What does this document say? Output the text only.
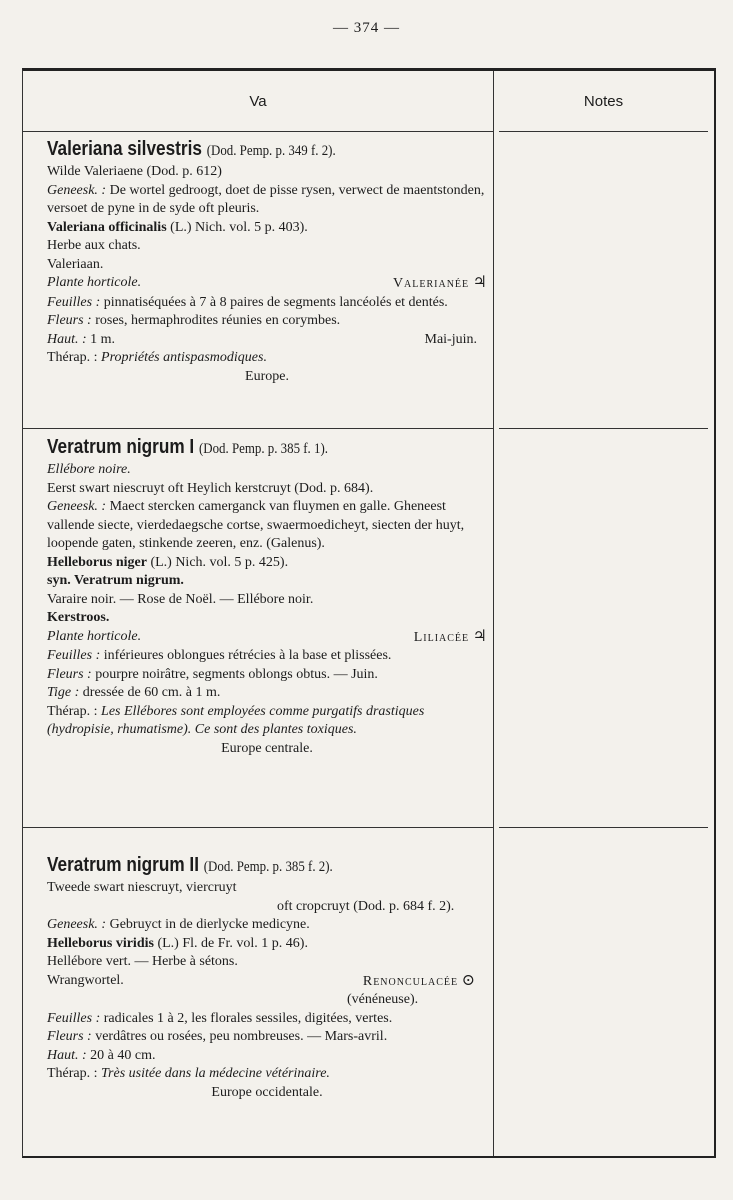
— 374 —
Va	Notes

Valeriana silvestris (Dod. Pemp. p. 349 f. 2).

Wilde Valeriaene (Dod. p. 612)

Geneesk. : De wortel gedroogt, doet de pisse rysen, verwect de maentstonden, versoet de pyne in de syde oft pleuris.

Valeriana officinalis (L.) Nich. vol. 5 p. 403).

Herbe aux chats.

Valeriaan.

Plante horticole.	Valerianée ♃

Feuilles : pinnatiséquées à 7 à 8 paires de segments lancéolés et dentés.

Fleurs : roses, hermaphrodites réunies en corymbes.

Haut. : 1 m.	Mai-juin.

Thérap. : Propriétés antispasmodiques.

Europe.

Veratrum nigrum I (Dod. Pemp. p. 385 f. 1).

Ellébore noire.

Eerst swart niescruyt oft Heylich kerstcruyt (Dod. p. 684).

Geneesk. : Maect stercken camerganck van fluymen en galle. Gheneest vallende siecte, vierdedaegsche cortse, swaermoedicheyt, siecten der huyt, loopende gaten, stinkende zeeren, enz. (Galenus).

Helleborus niger (L.) Nich. vol. 5 p. 425).

syn. Veratrum nigrum.

Varaire noir. — Rose de Noël. — Ellébore noir.

Kerstroos.

Plante horticole.	Liliacée ♃

Feuilles : inférieures oblongues rétrécies à la base et plissées.

Fleurs : pourpre noirâtre, segments oblongs obtus. — Juin.

Tige : dressée de 60 cm. à 1 m.

Thérap. : Les Ellébores sont employées comme purgatifs drastiques (hydropisie, rhumatisme). Ce sont des plantes toxiques.

Europe centrale.

Veratrum nigrum II (Dod. Pemp. p. 385 f. 2).

Tweede swart niescruyt, viercruyt

oft cropcruyt (Dod. p. 684 f. 2).

Geneesk. : Gebruyct in de dierlycke medicyne.

Helleborus viridis (L.) Fl. de Fr. vol. 1 p. 46).

Hellébore vert. — Herbe à sétons.

Wrangwortel.	Renonculacée ⊙

(vénéneuse).

Feuilles : radicales 1 à 2, les florales sessiles, digitées, vertes.

Fleurs : verdâtres ou rosées, peu nombreuses. — Mars-avril.

Haut. : 20 à 40 cm.

Thérap. : Très usitée dans la médecine vétérinaire.

Europe occidentale.
